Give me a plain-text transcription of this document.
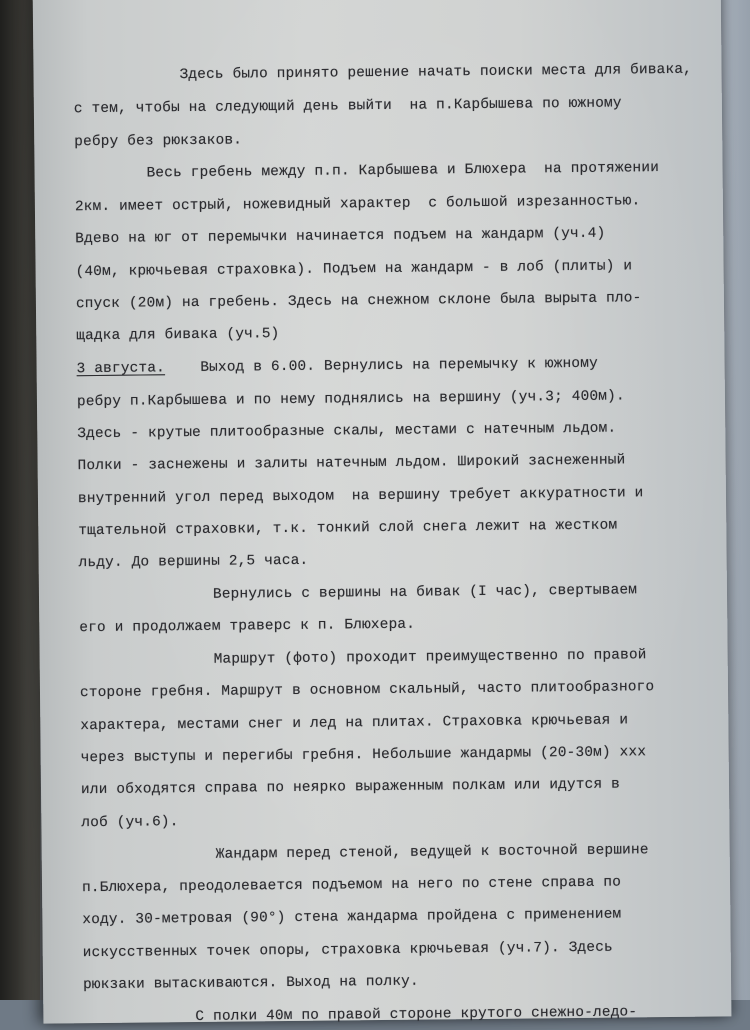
Здесь было принято решение начать поиски места для бивака,
с тем, чтобы на следующий день выйти  на п.Карбышева по южному
ребру без рюкзаков.
Весь гребень между п.п. Карбышева и Блюхера  на протяжении
2км. имеет острый, ножевидный характер  с большой изрезанностью.
Вдево на юг от перемычки начинается подъем на жандарм (уч.4)
(40м, крючьевая страховка). Подъем на жандарм - в лоб (плиты) и
спуск (20м) на гребень. Здесь на снежном склоне была вырыта пло-
щадка для бивака (уч.5)
3 августа.    Выход в 6.00. Вернулись на перемычку к южному
ребру п.Карбышева и по нему поднялись на вершину (уч.3; 400м).
Здесь - крутые плитообразные скалы, местами с натечным льдом.
Полки - заснежены и залиты натечным льдом. Широкий заснеженный
внутренний угол перед выходом  на вершину требует аккуратности и
тщательной страховки, т.к. тонкий слой снега лежит на жестком
льду. До вершины 2,5 часа.
Вернулись с вершины на бивак (I час), свертываем
его и продолжаем траверс к п. Блюхера.
Маршрут (фото) проходит преимущественно по правой
стороне гребня. Маршрут в основном скальный, часто плитообразного
характера, местами снег и лед на плитах. Страховка крючьевая и
через выступы и перегибы гребня. Небольшие жандармы (20-30м) xxx
или обходятся справа по неярко выраженным полкам или идутся в
лоб (уч.6).
Жандарм перед стеной, ведущей к восточной вершине
п.Блюхера, преодолевается подъемом на него по стене справа по
ходу. 30-метровая (90°) стена жандарма пройдена с применением
искусственных точек опоры, страховка крючьевая (уч.7). Здесь
рюкзаки вытаскиваются. Выход на полку.
С полки 40м по правой стороне крутого снежно-ледо-
